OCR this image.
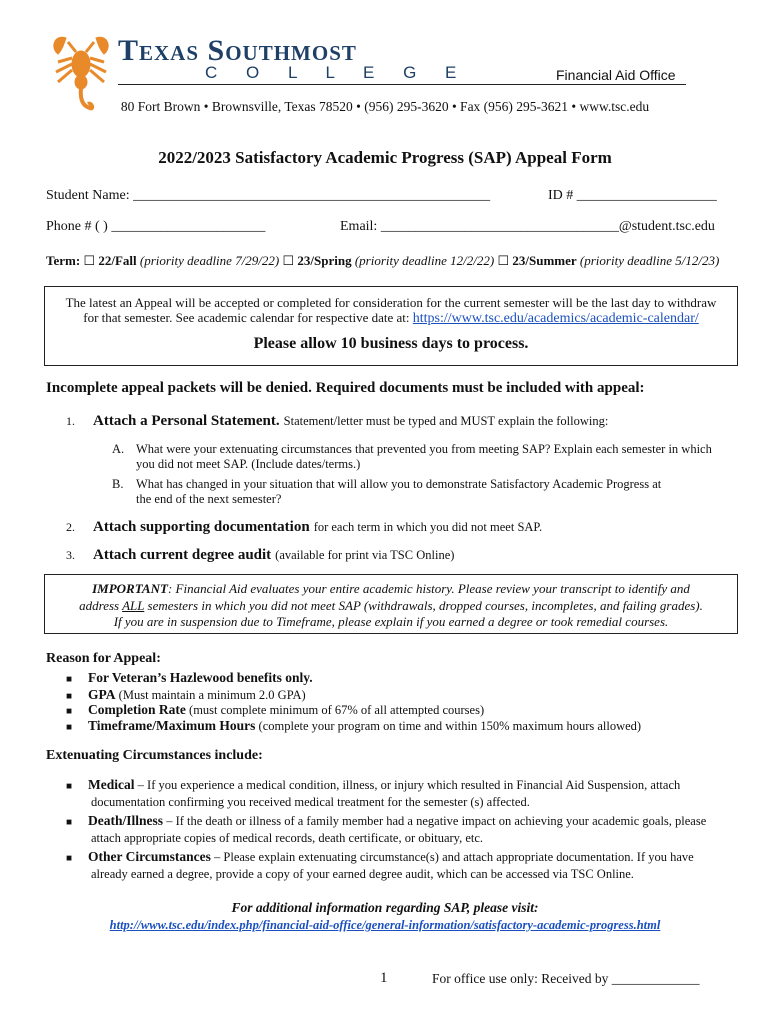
Texas Southmost
C O L L E G E	Financial Aid Office
80 Fort Brown • Brownsville, Texas 78520 • (956) 295-3620 • Fax (956) 295-3621 • www.tsc.edu
2022/2023 Satisfactory Academic Progress (SAP) Appeal Form
Student Name: ___________________________________________________	ID # ____________________
Phone # ( ) ______________________	Email: __________________________________@student.tsc.edu
Term: ☐ 22/Fall (priority deadline 7/29/22) ☐ 23/Spring (priority deadline 12/2/22) ☐ 23/Summer (priority deadline 5/12/23)
The latest an Appeal will be accepted or completed for consideration for the current semester will be the last day to withdraw
for that semester. See academic calendar for respective date at: https://www.tsc.edu/academics/academic-calendar/
Please allow 10 business days to process.
Incomplete appeal packets will be denied. Required documents must be included with appeal:
1. Attach a Personal Statement. Statement/letter must be typed and MUST explain the following:
A. What were your extenuating circumstances that prevented you from meeting SAP? Explain each semester in which
you did not meet SAP. (Include dates/terms.)
B. What has changed in your situation that will allow you to demonstrate Satisfactory Academic Progress at
the end of the next semester?
2. Attach supporting documentation for each term in which you did not meet SAP.
3. Attach current degree audit (available for print via TSC Online)
IMPORTANT: Financial Aid evaluates your entire academic history. Please review your transcript to identify and
address ALL semesters in which you did not meet SAP (withdrawals, dropped courses, incompletes, and failing grades).
If you are in suspension due to Timeframe, please explain if you earned a degree or took remedial courses.
Reason for Appeal:
■ For Veteran’s Hazlewood benefits only.
■ GPA (Must maintain a minimum 2.0 GPA)
■ Completion Rate (must complete minimum of 67% of all attempted courses)
■ Timeframe/Maximum Hours (complete your program on time and within 150% maximum hours allowed)
Extenuating Circumstances include:
■ Medical – If you experience a medical condition, illness, or injury which resulted in Financial Aid Suspension, attach
documentation confirming you received medical treatment for the semester (s) affected.
■ Death/Illness – If the death or illness of a family member had a negative impact on achieving your academic goals, please
attach appropriate copies of medical records, death certificate, or obituary, etc.
■ Other Circumstances – Please explain extenuating circumstance(s) and attach appropriate documentation. If you have
already earned a degree, provide a copy of your earned degree audit, which can be accessed via TSC Online.
For additional information regarding SAP, please visit:
http://www.tsc.edu/index.php/financial-aid-office/general-information/satisfactory-academic-progress.html
1	For office use only: Received by _____________
